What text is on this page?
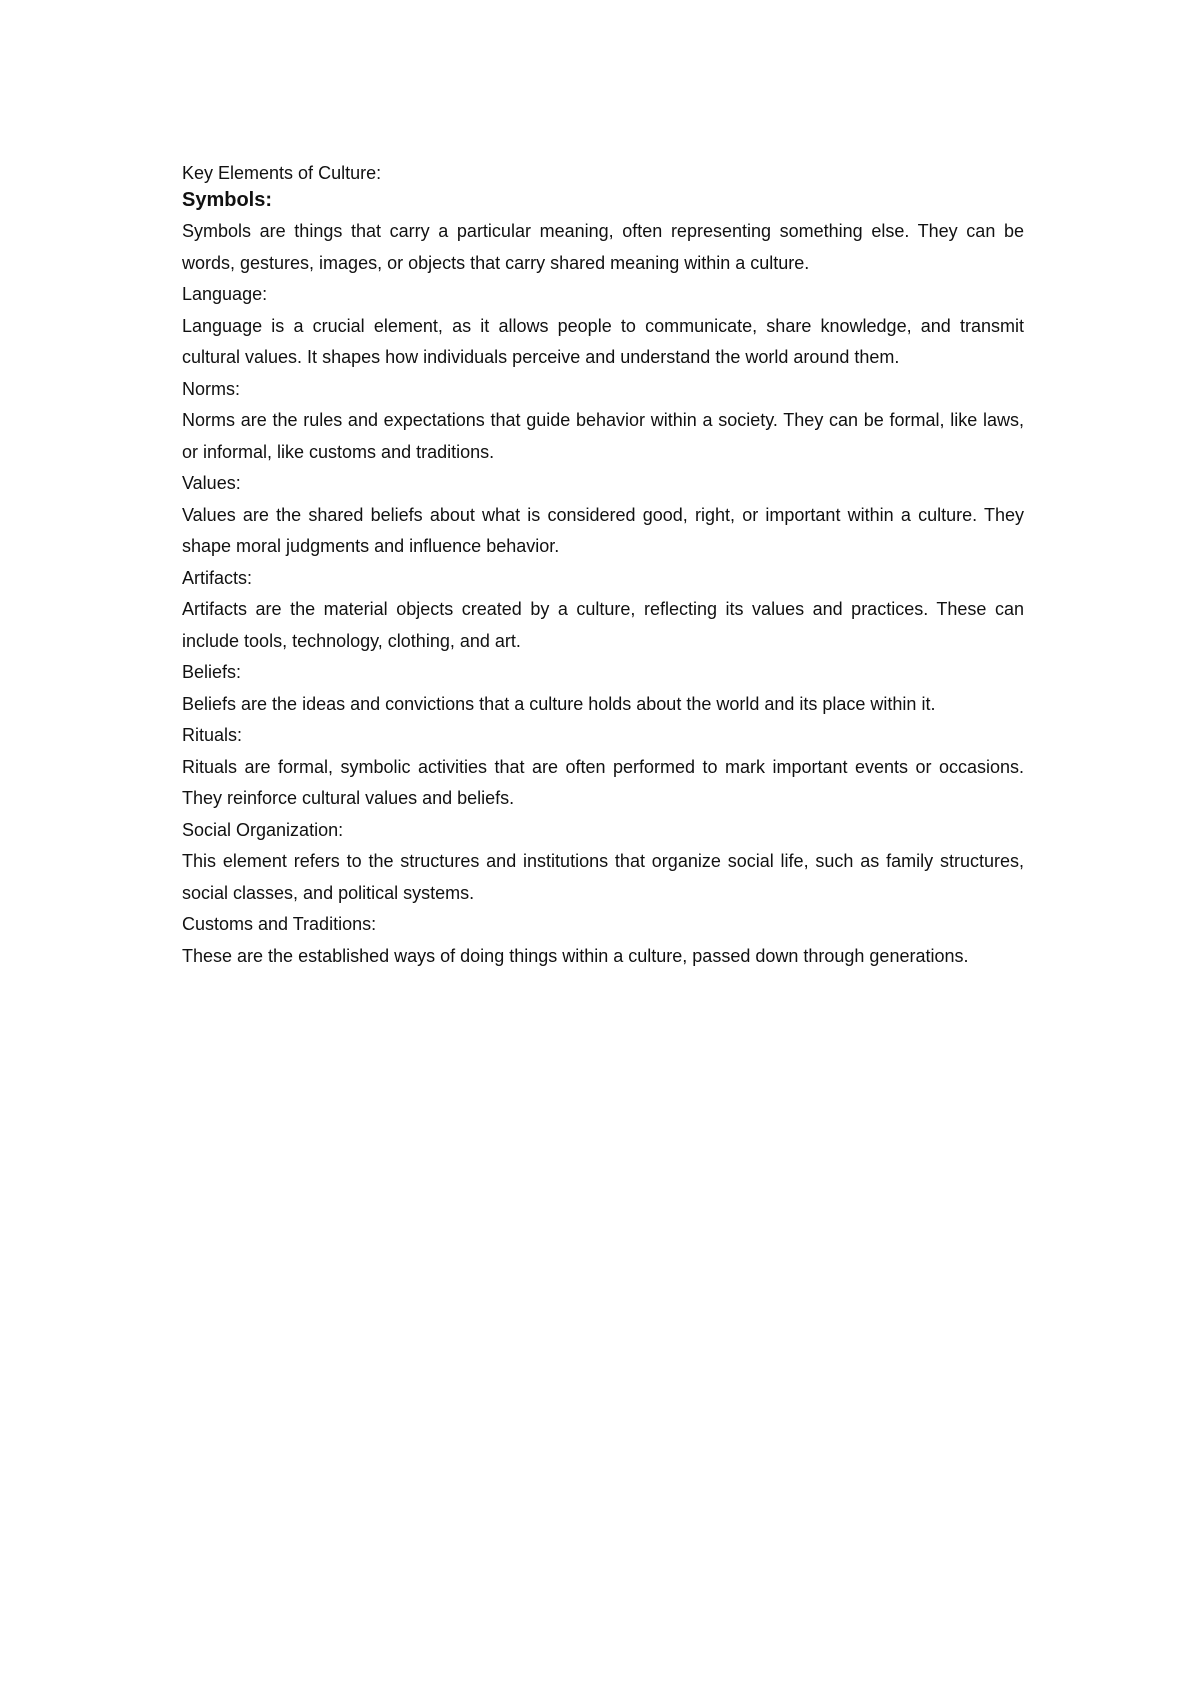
Key Elements of Culture:

Symbols:

Symbols are things that carry a particular meaning, often representing something else. They can be words, gestures, images, or objects that carry shared meaning within a culture.

Language:

Language is a crucial element, as it allows people to communicate, share knowledge, and transmit cultural values. It shapes how individuals perceive and understand the world around them.

Norms:

Norms are the rules and expectations that guide behavior within a society. They can be formal, like laws, or informal, like customs and traditions.

Values:

Values are the shared beliefs about what is considered good, right, or important within a culture. They shape moral judgments and influence behavior.

Artifacts:

Artifacts are the material objects created by a culture, reflecting its values and practices. These can include tools, technology, clothing, and art.

Beliefs:

Beliefs are the ideas and convictions that a culture holds about the world and its place within it.

Rituals:

Rituals are formal, symbolic activities that are often performed to mark important events or occasions. They reinforce cultural values and beliefs.

Social Organization:

This element refers to the structures and institutions that organize social life, such as family structures, social classes, and political systems.

Customs and Traditions:

These are the established ways of doing things within a culture, passed down through generations.
